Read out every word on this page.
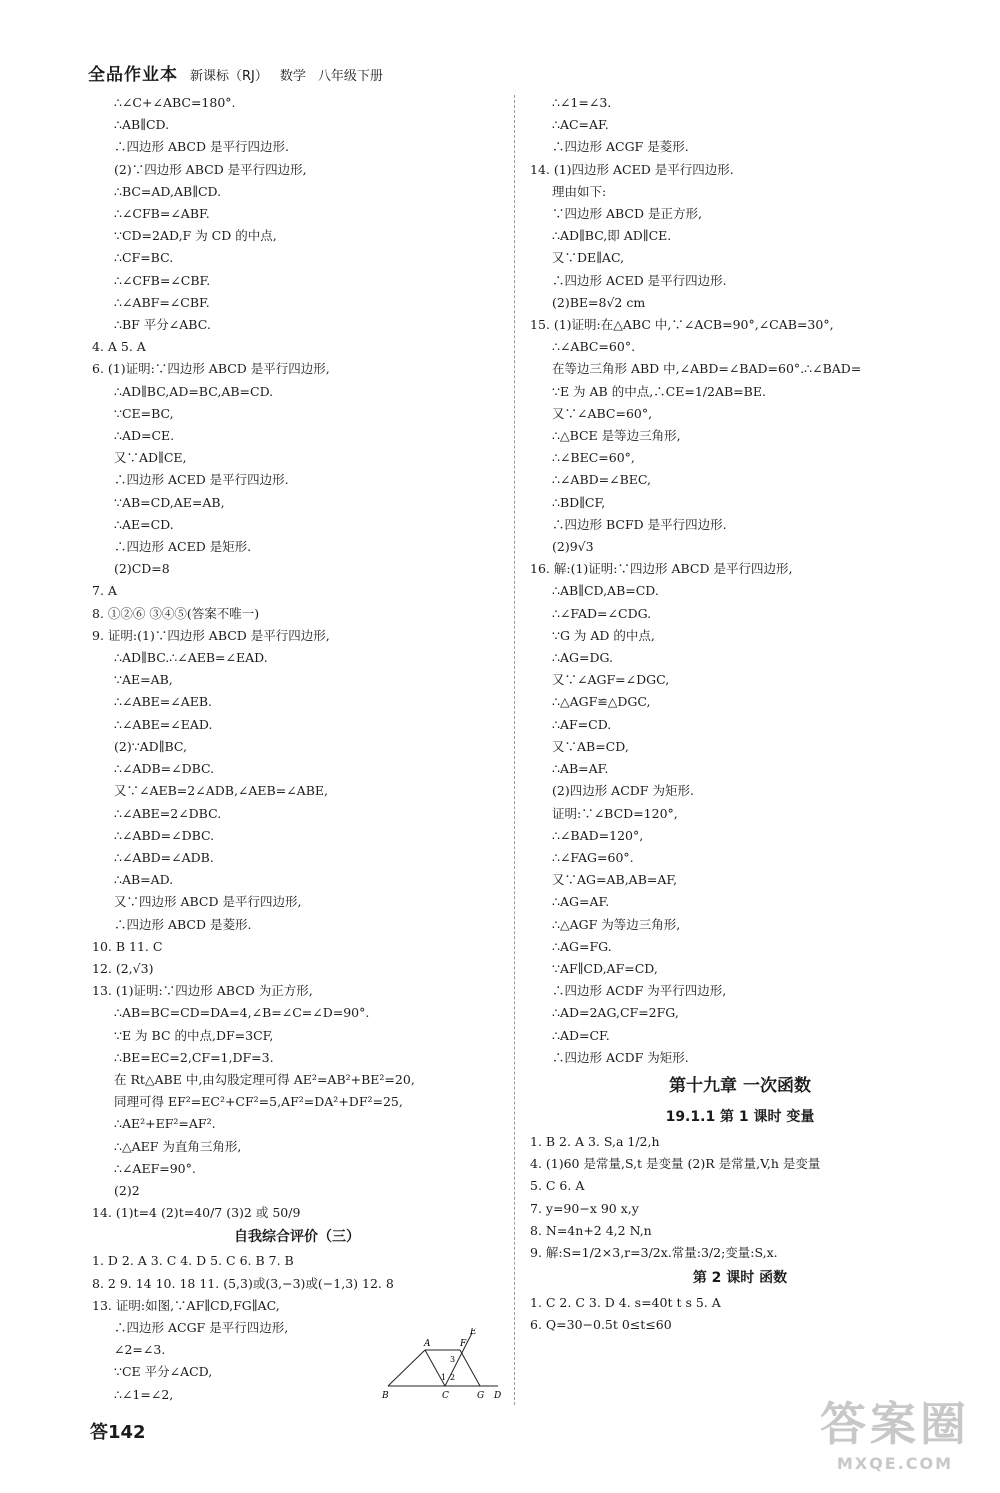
全品作业本 新课标（RJ） 数学 八年级下册
∴∠C+∠ABC=180°.
∴AB∥CD.
∴四边形 ABCD 是平行四边形.
(2)∵四边形 ABCD 是平行四边形,
∴BC=AD,AB∥CD.
∴∠CFB=∠ABF.
∵CD=2AD,F 为 CD 的中点,
∴CF=BC.
∴∠CFB=∠CBF.
∴∠ABF=∠CBF.
∴BF 平分∠ABC.
4. A 5. A
6. (1)证明:∵四边形 ABCD 是平行四边形,
∴AD∥BC,AD=BC,AB=CD.
∵CE=BC,
∴AD=CE.
又∵AD∥CE,
∴四边形 ACED 是平行四边形.
∵AB=CD,AE=AB,
∴AE=CD.
∴四边形 ACED 是矩形.
(2)CD=8
7. A
8. ①②⑥ ③④⑤(答案不唯一)
9. 证明:(1)∵四边形 ABCD 是平行四边形,
∴AD∥BC.∴∠AEB=∠EAD.
∵AE=AB,
∴∠ABE=∠AEB.
∴∠ABE=∠EAD.
(2)∵AD∥BC,
∴∠ADB=∠DBC.
又∵∠AEB=2∠ADB,∠AEB=∠ABE,
∴∠ABE=2∠DBC.
∴∠ABD=∠DBC.
∴∠ABD=∠ADB.
∴AB=AD.
又∵四边形 ABCD 是平行四边形,
∴四边形 ABCD 是菱形.
10. B 11. C
12. (2,√3)
13. (1)证明:∵四边形 ABCD 为正方形,
∴AB=BC=CD=DA=4,∠B=∠C=∠D=90°.
∵E 为 BC 的中点,DF=3CF,
∴BE=EC=2,CF=1,DF=3.
在 Rt△ABE 中,由勾股定理可得 AE²=AB²+BE²=20,
同理可得 EF²=EC²+CF²=5,AF²=DA²+DF²=25,
∴AE²+EF²=AF².
∴△AEF 为直角三角形,
∴∠AEF=90°.
(2)2
14. (1)t=4 (2)t=40/7 (3)2 或 50/9
自我综合评价（三）
1. D 2. A 3. C 4. D 5. C 6. B 7. B
8. 2 9. 14 10. 18 11. (5,3)或(3,−3)或(−1,3) 12. 8
13. 证明:如图,∵AF∥CD,FG∥AC,
∴四边形 ACGF 是平行四边形,
∠2=∠3.
∵CE 平分∠ACD,
∴∠1=∠2,
A	F
E
3
1 2
B	C	G D
∴∠1=∠3.
∴AC=AF.
∴四边形 ACGF 是菱形.
14. (1)四边形 ACED 是平行四边形.
理由如下:
∵四边形 ABCD 是正方形,
∴AD∥BC,即 AD∥CE.
又∵DE∥AC,
∴四边形 ACED 是平行四边形.
(2)BE=8√2 cm
15. (1)证明:在△ABC 中,∵∠ACB=90°,∠CAB=30°,
∴∠ABC=60°.
在等边三角形 ABD 中,∠ABD=∠BAD=60°.∴∠BAD=
∵E 为 AB 的中点,∴CE=1/2AB=BE.
又∵∠ABC=60°,
∴△BCE 是等边三角形,
∴∠BEC=60°,
∴∠ABD=∠BEC,
∴BD∥CF,
∴四边形 BCFD 是平行四边形.
(2)9√3
16. 解:(1)证明:∵四边形 ABCD 是平行四边形,
∴AB∥CD,AB=CD.
∴∠FAD=∠CDG.
∵G 为 AD 的中点,
∴AG=DG.
又∵∠AGF=∠DGC,
∴△AGF≌△DGC,
∴AF=CD.
又∵AB=CD,
∴AB=AF.
(2)四边形 ACDF 为矩形.
证明:∵∠BCD=120°,
∴∠BAD=120°,
∴∠FAG=60°.
又∵AG=AB,AB=AF,
∴AG=AF.
∴△AGF 为等边三角形,
∴AG=FG.
∵AF∥CD,AF=CD,
∴四边形 ACDF 为平行四边形,
∴AD=2AG,CF=2FG,
∴AD=CF.
∴四边形 ACDF 为矩形.
第十九章 一次函数
19.1.1 第 1 课时 变量
1. B 2. A 3. S,a 1/2,h
4. (1)60 是常量,S,t 是变量 (2)R 是常量,V,h 是变量
5. C 6. A
7. y=90−x 90 x,y
8. N=4n+2 4,2 N,n
9. 解:S=1/2×3,r=3/2x.常量:3/2;变量:S,x.
第 2 课时 函数
1. C 2. C 3. D 4. s=40t t s 5. A
6. Q=30−0.5t 0≤t≤60
答142	答案圈
MXQE.COM
